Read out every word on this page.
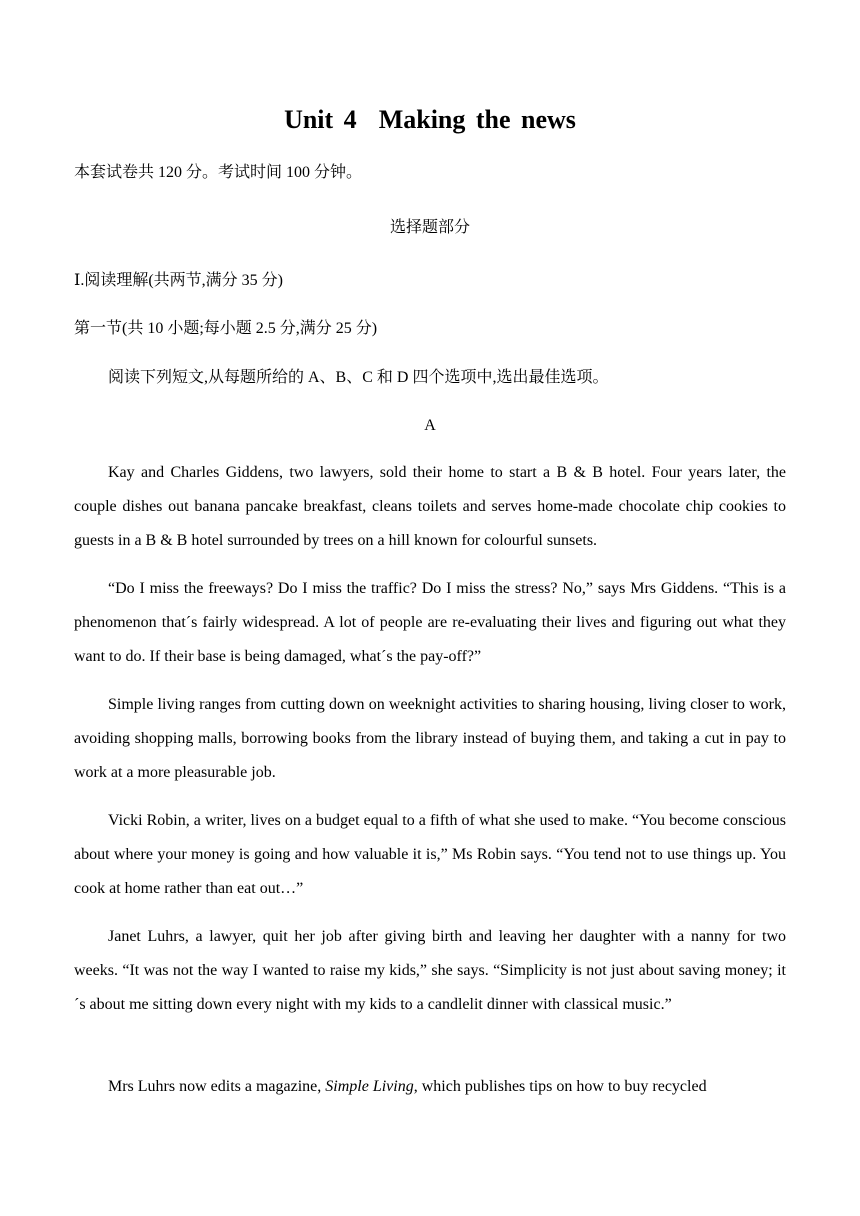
Unit 4 Making the news
本套试卷共 120 分。考试时间 100 分钟。
选择题部分
Ⅰ.阅读理解(共两节,满分 35 分)
第一节(共 10 小题;每小题 2.5 分,满分 25 分)
阅读下列短文,从每题所给的 A、B、C 和 D 四个选项中,选出最佳选项。
A
Kay and Charles Giddens, two lawyers, sold their home to start a B & B hotel. Four years later, the couple dishes out banana pancake breakfast, cleans toilets and serves home-made chocolate chip cookies to guests in a B & B hotel surrounded by trees on a hill known for colourful sunsets.
“Do I miss the freeways? Do I miss the traffic? Do I miss the stress? No,” says Mrs Giddens. “This is a phenomenon that´s fairly widespread. A lot of people are re-evaluating their lives and figuring out what they want to do. If their base is being damaged, what´s the pay-off?”
Simple living ranges from cutting down on weeknight activities to sharing housing, living closer to work, avoiding shopping malls, borrowing books from the library instead of buying them, and taking a cut in pay to work at a more pleasurable job.
Vicki Robin, a writer, lives on a budget equal to a fifth of what she used to make. “You become conscious about where your money is going and how valuable it is,” Ms Robin says. “You tend not to use things up. You cook at home rather than eat out…”
Janet Luhrs, a lawyer, quit her job after giving birth and leaving her daughter with a nanny for two weeks. “It was not the way I wanted to raise my kids,” she says. “Simplicity is not just about saving money; it´s about me sitting down every night with my kids to a candlelit dinner with classical music.”
Mrs Luhrs now edits a magazine, Simple Living, which publishes tips on how to buy recycled
